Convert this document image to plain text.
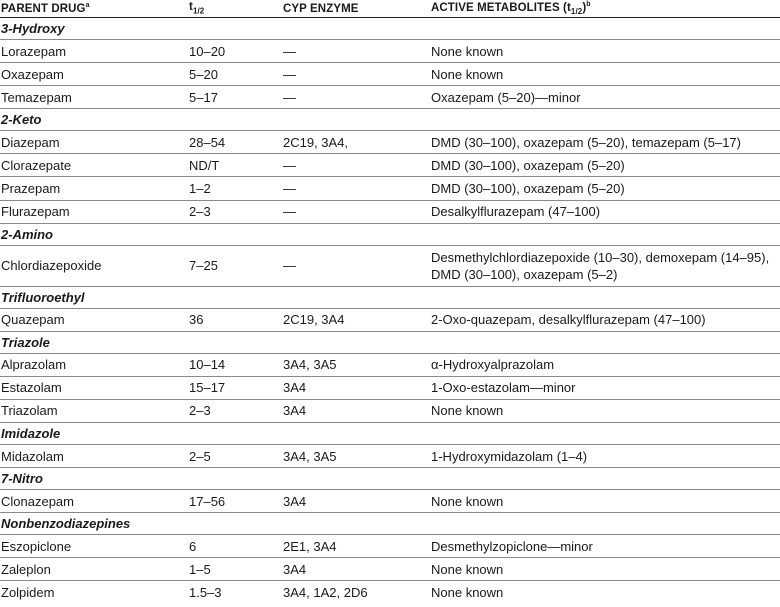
PARENT DRUG$^a$	$t_{1/2}$	CYP ENZYME	ACTIVE METABOLITES $(t_{1/2})^b$
3-Hydroxy			
Lorazepam	10–20	—	None known
Oxazepam	5–20	—	None known
Temazepam	5–17	—	Oxazepam (5–20)—minor
2-Keto			
Diazepam	28–54	2C19, 3A4,	DMD (30–100), oxazepam (5–20), temazepam (5–17)
Clorazepate	ND/T	—	DMD (30–100), oxazepam (5–20)
Prazepam	1–2	—	DMD (30–100), oxazepam (5–20)
Flurazepam	2–3	—	Desalkylflurazepam (47–100)
2-Amino			
Chlordiazepoxide	7–25	—	Desmethylchlordiazepoxide (10–30), demoxepam (14–95), DMD (30–100), oxazepam (5–2)

Trifluoroethyl			
Quazepam	36	2C19, 3A4	2-Oxo-quazepam, desalkylflurazepam (47–100)
Triazole			
Alprazolam	10–14	3A4, 3A5	α-Hydroxyalprazolam
Estazolam	15–17	3A4	1-Oxo-estazolam—minor
Triazolam	2–3	3A4	None known
Imidazole			
Midazolam	2–5	3A4, 3A5	1-Hydroxymidazolam (1–4)
7-Nitro			
Clonazepam	17–56	3A4	None known
Nonbenzodiazepines			
Eszopiclone	6	2E1, 3A4	Desmethylzopiclone—minor
Zaleplon	1–5	3A4	None known
Zolpidem	1.5–3	3A4, 1A2, 2D6	None known
